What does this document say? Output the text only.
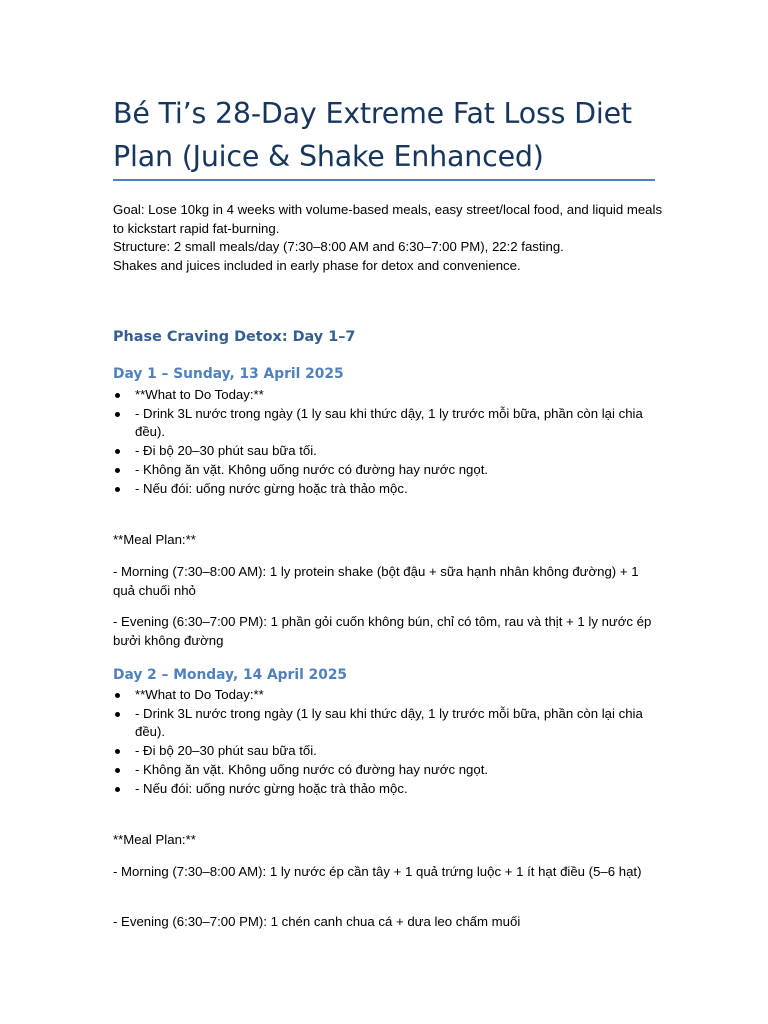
Bé Ti’s 28-Day Extreme Fat Loss Diet Plan (Juice & Shake Enhanced)

Goal: Lose 10kg in 4 weeks with volume-based meals, easy street/local food, and liquid meals to kickstart rapid fat-burning.

Structure: 2 small meals/day (7:30–8:00 AM and 6:30–7:00 PM), 22:2 fasting.

Shakes and juices included in early phase for detox and convenience.

Phase Craving Detox: Day 1–7
Day 1 – Sunday, 13 April 2025
**What to Do Today:**
- Drink 3L nước trong ngày (1 ly sau khi thức dậy, 1 ly trước mỗi bữa, phần còn lại chia đều).
- Đi bộ 20–30 phút sau bữa tối.
- Không ăn vặt. Không uống nước có đường hay nước ngọt.
- Nếu đói: uống nước gừng hoặc trà thảo mộc.

**Meal Plan:**

- Morning (7:30–8:00 AM): 1 ly protein shake (bột đậu + sữa hạnh nhân không đường) + 1 quả chuối nhỏ

- Evening (6:30–7:00 PM): 1 phần gỏi cuốn không bún, chỉ có tôm, rau và thịt + 1 ly nước ép bưởi không đường

Day 2 – Monday, 14 April 2025
**What to Do Today:**
- Drink 3L nước trong ngày (1 ly sau khi thức dậy, 1 ly trước mỗi bữa, phần còn lại chia đều).
- Đi bộ 20–30 phút sau bữa tối.
- Không ăn vặt. Không uống nước có đường hay nước ngọt.
- Nếu đói: uống nước gừng hoặc trà thảo mộc.

**Meal Plan:**

- Morning (7:30–8:00 AM): 1 ly nước ép cần tây + 1 quả trứng luộc + 1 ít hạt điều (5–6 hạt)

- Evening (6:30–7:00 PM): 1 chén canh chua cá + dưa leo chấm muối
